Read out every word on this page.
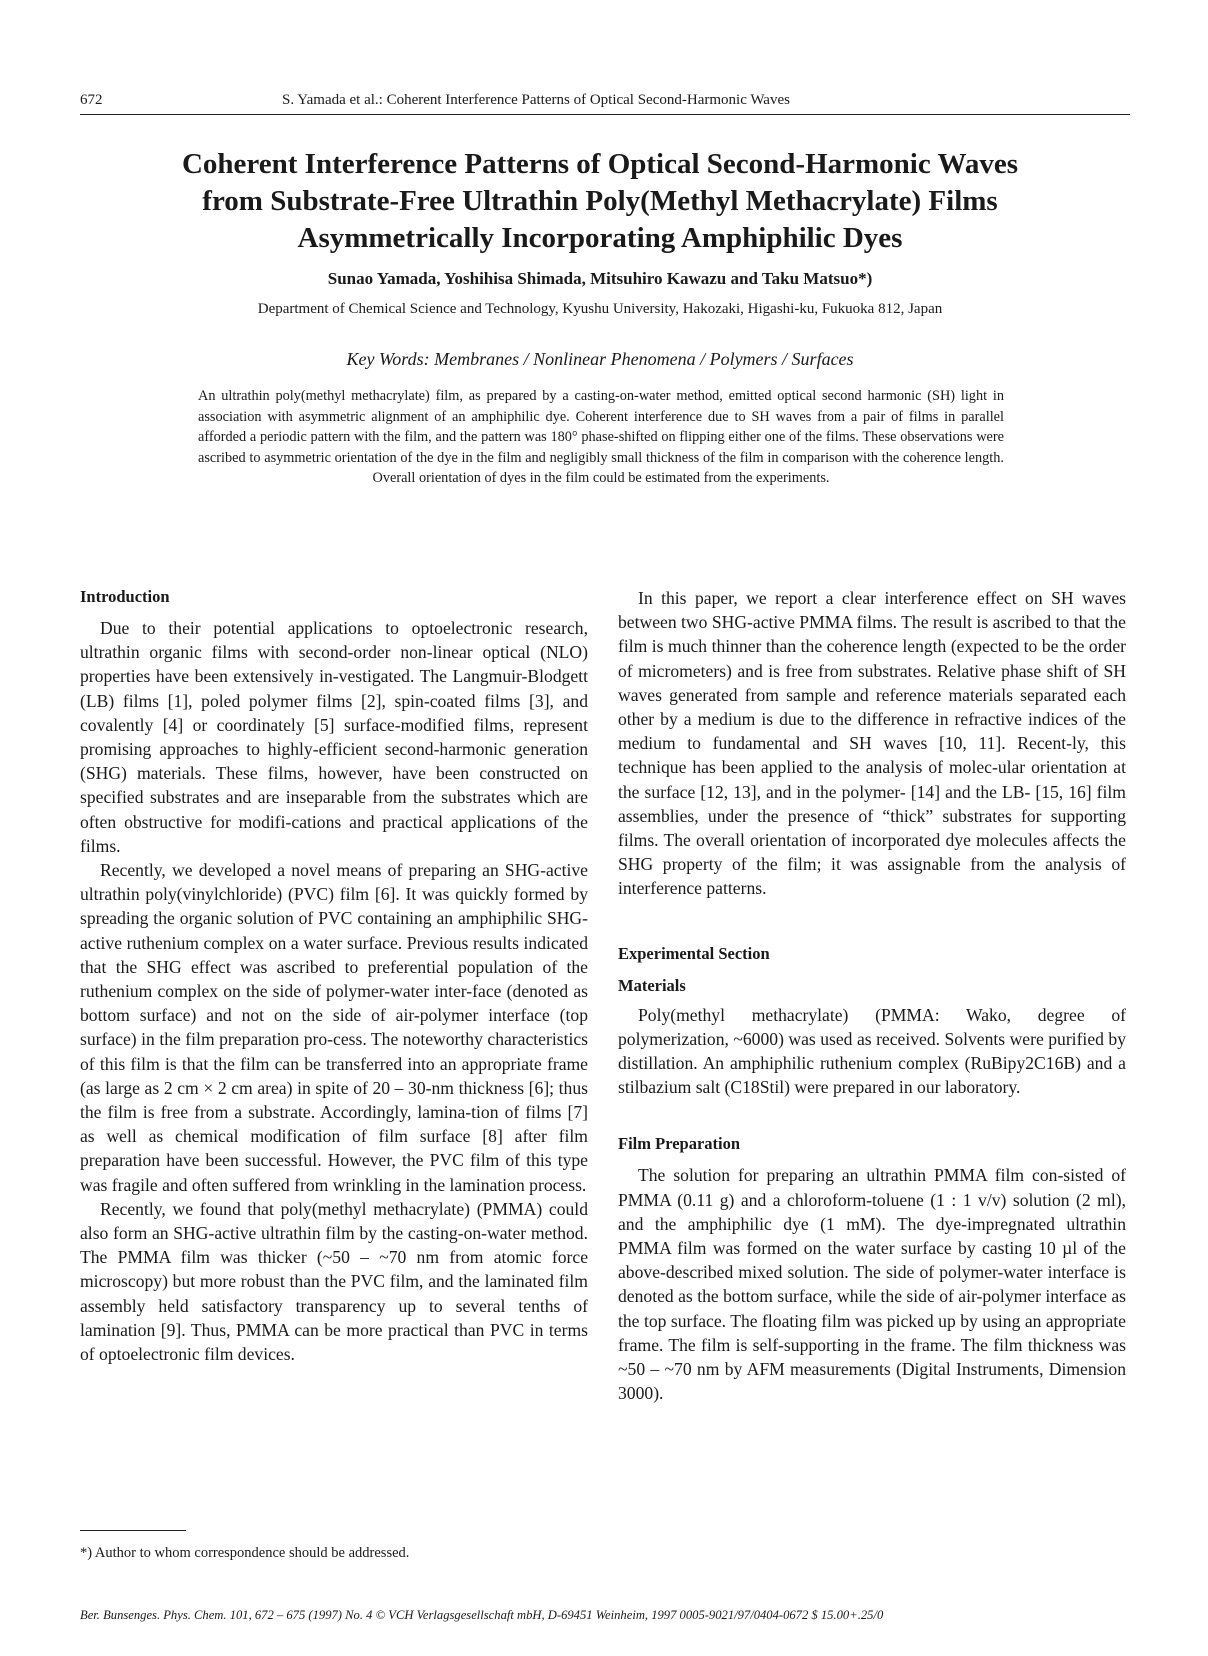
672	S. Yamada et al.: Coherent Interference Patterns of Optical Second-Harmonic Waves
Coherent Interference Patterns of Optical Second-Harmonic Waves
from Substrate-Free Ultrathin Poly(Methyl Methacrylate) Films
Asymmetrically Incorporating Amphiphilic Dyes
Sunao Yamada, Yoshihisa Shimada, Mitsuhiro Kawazu and Taku Matsuo*)
Department of Chemical Science and Technology, Kyushu University, Hakozaki, Higashi-ku, Fukuoka 812, Japan
Key Words: Membranes / Nonlinear Phenomena / Polymers / Surfaces
An ultrathin poly(methyl methacrylate) film, as prepared by a casting-on-water method, emitted optical second harmonic (SH) light in association with asymmetric alignment of an amphiphilic dye. Coherent interference due to SH waves from a pair of films in parallel afforded a periodic pattern with the film, and the pattern was 180° phase-shifted on flipping either one of the films. These observations were ascribed to asymmetric orientation of the dye in the film and negligibly small thickness of the film in comparison with the coherence length. Overall orientation of dyes in the film could be estimated from the experiments.
Introduction

Due to their potential applications to optoelectronic research, ultrathin organic films with second-order non-linear optical (NLO) properties have been extensively in-vestigated. The Langmuir-Blodgett (LB) films [1], poled polymer films [2], spin-coated films [3], and covalently [4] or coordinately [5] surface-modified films, represent promising approaches to highly-efficient second-harmonic generation (SHG) materials. These films, however, have been constructed on specified substrates and are inseparable from the substrates which are often obstructive for modifi-cations and practical applications of the films.

Recently, we developed a novel means of preparing an SHG-active ultrathin poly(vinylchloride) (PVC) film [6]. It was quickly formed by spreading the organic solution of PVC containing an amphiphilic SHG-active ruthenium complex on a water surface. Previous results indicated that the SHG effect was ascribed to preferential population of the ruthenium complex on the side of polymer-water inter-face (denoted as bottom surface) and not on the side of air-polymer interface (top surface) in the film preparation pro-cess. The noteworthy characteristics of this film is that the film can be transferred into an appropriate frame (as large as 2 cm × 2 cm area) in spite of 20 – 30-nm thickness [6]; thus the film is free from a substrate. Accordingly, lamina-tion of films [7] as well as chemical modification of film surface [8] after film preparation have been successful. However, the PVC film of this type was fragile and often suffered from wrinkling in the lamination process.

Recently, we found that poly(methyl methacrylate) (PMMA) could also form an SHG-active ultrathin film by the casting-on-water method. The PMMA film was thicker (~50 – ~70 nm from atomic force microscopy) but more robust than the PVC film, and the laminated film assembly held satisfactory transparency up to several tenths of lamination [9]. Thus, PMMA can be more practical than PVC in terms of optoelectronic film devices.

In this paper, we report a clear interference effect on SH waves between two SHG-active PMMA films. The result is ascribed to that the film is much thinner than the coherence length (expected to be the order of micrometers) and is free from substrates. Relative phase shift of SH waves generated from sample and reference materials separated each other by a medium is due to the difference in refractive indices of the medium to fundamental and SH waves [10, 11]. Recent-ly, this technique has been applied to the analysis of molec-ular orientation at the surface [12, 13], and in the polymer- [14] and the LB- [15, 16] film assemblies, under the presence of “thick” substrates for supporting films. The overall orientation of incorporated dye molecules affects the SHG property of the film; it was assignable from the analysis of interference patterns.

Experimental Section
Materials

Poly(methyl methacrylate) (PMMA: Wako, degree of polymerization, ~6000) was used as received. Solvents were purified by distillation. An amphiphilic ruthenium complex (RuBipy2C16B) and a stilbazium salt (C18Stil) were prepared in our laboratory.

Film Preparation

The solution for preparing an ultrathin PMMA film con-sisted of PMMA (0.11 g) and a chloroform-toluene (1 : 1 v/v) solution (2 ml), and the amphiphilic dye (1 mM). The dye-impregnated ultrathin PMMA film was formed on the water surface by casting 10 µl of the above-described mixed solution. The side of polymer-water interface is denoted as the bottom surface, while the side of air-polymer interface as the top surface. The floating film was picked up by using an appropriate frame. The film is self-supporting in the frame. The film thickness was ~50 – ~70 nm by AFM measurements (Digital Instruments, Dimension 3000).

*) Author to whom correspondence should be addressed.
Ber. Bunsenges. Phys. Chem. 101, 672 – 675 (1997) No. 4 © VCH Verlagsgesellschaft mbH, D-69451 Weinheim, 1997 0005-9021/97/0404-0672 $ 15.00+.25/0
